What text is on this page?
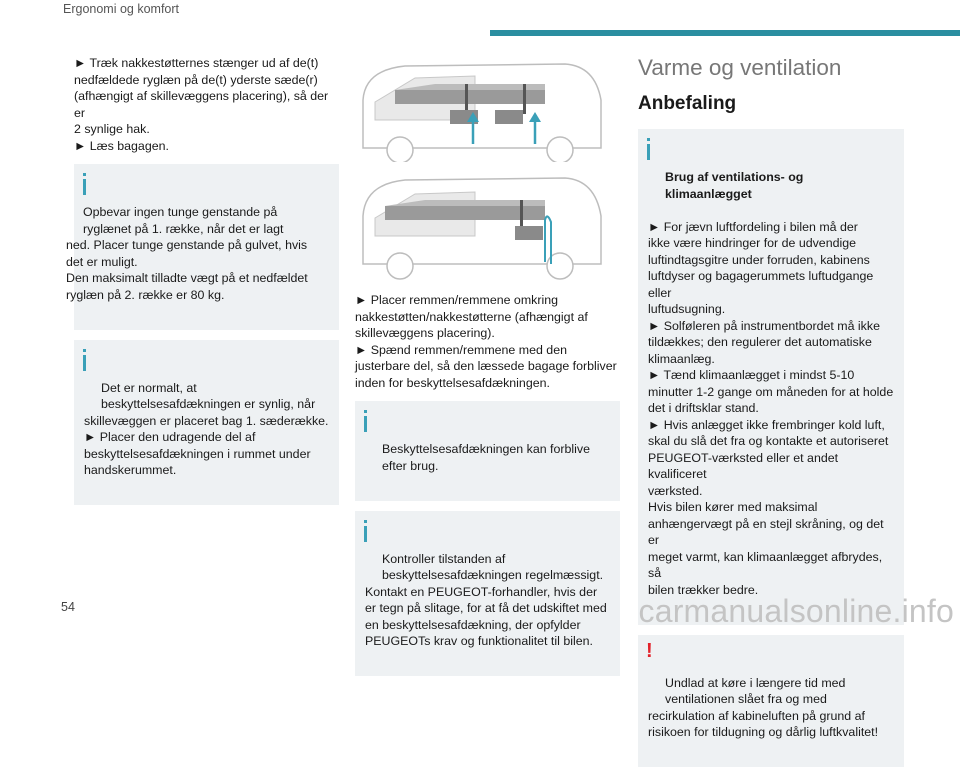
Ergonomi og komfort
► Træk nakkestøtternes stænger ud af de(t)
nedfældede ryglæn på de(t) yderste sæde(r)
(afhængigt af skillevæggens placering), så der er
2 synlige hak.
► Læs bagagen.

Opbevar ingen tunge genstande på
ryglænet på 1. række, når det er lagt
ned. Placer tunge genstande på gulvet, hvis
det er muligt.
Den maksimalt tilladte vægt på et nedfældet
ryglæn på 2. række er 80 kg.

Det er normalt, at
beskyttelsesafdækningen er synlig, når
skillevæggen er placeret bag 1. sæderække.
► Placer den udragende del af
beskyttelsesafdækningen i rummet under
handskerummet.

► Placer remmen/remmene omkring
nakkestøtten/nakkestøtterne (afhængigt af
skillevæggens placering).
► Spænd remmen/remmene med den
justerbare del, så den læssede bagage forbliver
inden for beskyttelsesafdækningen.

Beskyttelsesafdækningen kan forblive
efter brug.

Kontroller tilstanden af
beskyttelsesafdækningen regelmæssigt.
Kontakt en PEUGEOT-forhandler, hvis der
er tegn på slitage, for at få det udskiftet med
en beskyttelsesafdækning, der opfylder
PEUGEOTs krav og funktionalitet til bilen.

Varme og ventilation
Anbefaling

Brug af ventilations- og
klimaanlægget

► For jævn luftfordeling i bilen må der
ikke være hindringer for de udvendige
luftindtagsgitre under forruden, kabinens
luftdyser og bagagerummets luftudgange eller
luftudsugning.
► Solføleren på instrumentbordet må ikke
tildækkes; den regulerer det automatiske
klimaanlæg.
► Tænd klimaanlægget i mindst 5-10
minutter 1-2 gange om måneden for at holde
det i driftsklar stand.
► Hvis anlægget ikke frembringer kold luft,
skal du slå det fra og kontakte et autoriseret
PEUGEOT-værksted eller et andet kvalificeret
værksted.
Hvis bilen kører med maksimal
anhængervægt på en stejl skråning, og det er
meget varmt, kan klimaanlægget afbrydes, så
bilen trækker bedre.

!

Undlad at køre i længere tid med
ventilationen slået fra og med
recirkulation af kabineluften på grund af
risikoen for tildugning og dårlig luftkvalitet!

54	carmanualsonline.info
